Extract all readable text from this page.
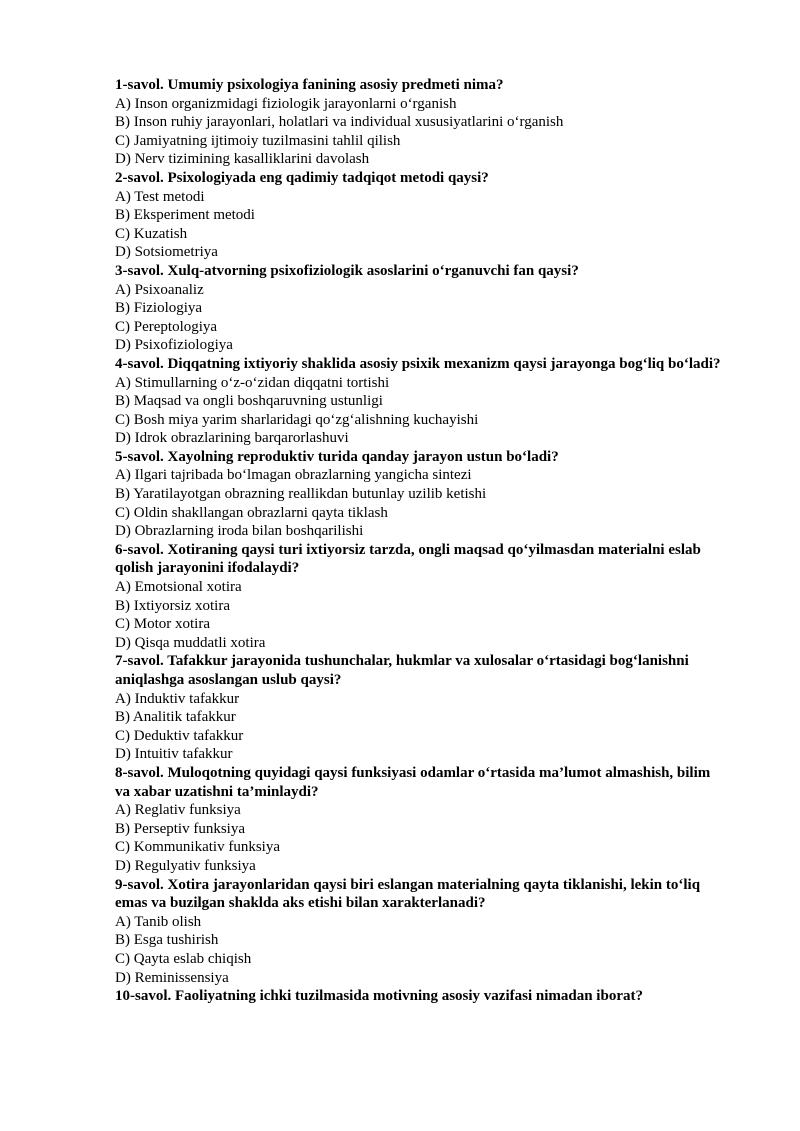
1-savol. Umumiy psixologiya fanining asosiy predmeti nima?

A) Inson organizmidagi fiziologik jarayonlarni o‘rganish

B) Inson ruhiy jarayonlari, holatlari va individual xususiyatlarini o‘rganish

C) Jamiyatning ijtimoiy tuzilmasini tahlil qilish

D) Nerv tizimining kasalliklarini davolash

2-savol. Psixologiyada eng qadimiy tadqiqot metodi qaysi?

A) Test metodi

B) Eksperiment metodi

C) Kuzatish

D) Sotsiometriya

3-savol. Xulq-atvorning psixofiziologik asoslarini o‘rganuvchi fan qaysi?

A) Psixoanaliz

B) Fiziologiya

C) Pereptologiya

D) Psixofiziologiya

4-savol. Diqqatning ixtiyoriy shaklida asosiy psixik mexanizm qaysi jarayonga bog‘liq bo‘ladi?

A) Stimullarning o‘z-o‘zidan diqqatni tortishi

B) Maqsad va ongli boshqaruvning ustunligi

C) Bosh miya yarim sharlaridagi qo‘zg‘alishning kuchayishi

D) Idrok obrazlarining barqarorlashuvi

5-savol. Xayolning reproduktiv turida qanday jarayon ustun bo‘ladi?

A) Ilgari tajribada bo‘lmagan obrazlarning yangicha sintezi

B) Yaratilayotgan obrazning reallikdan butunlay uzilib ketishi

C) Oldin shakllangan obrazlarni qayta tiklash

D) Obrazlarning iroda bilan boshqarilishi

6-savol. Xotiraning qaysi turi ixtiyorsiz tarzda, ongli maqsad qo‘yilmasdan materialni eslab qolish jarayonini ifodalaydi?

A) Emotsional xotira

B) Ixtiyorsiz xotira

C) Motor xotira

D) Qisqa muddatli xotira

7-savol. Tafakkur jarayonida tushunchalar, hukmlar va xulosalar o‘rtasidagi bog‘lanishni aniqlashga asoslangan uslub qaysi?

A) Induktiv tafakkur

B) Analitik tafakkur

C) Deduktiv tafakkur

D) Intuitiv tafakkur

8-savol. Muloqotning quyidagi qaysi funksiyasi odamlar o‘rtasida ma’lumot almashish, bilim va xabar uzatishni ta’minlaydi?

A) Reglativ funksiya

B) Perseptiv funksiya

C) Kommunikativ funksiya

D) Regulyativ funksiya

9-savol. Xotira jarayonlaridan qaysi biri eslangan materialning qayta tiklanishi, lekin to‘liq emas va buzilgan shaklda aks etishi bilan xarakterlanadi?

A) Tanib olish

B) Esga tushirish

C) Qayta eslab chiqish

D) Reminissensiya

10-savol. Faoliyatning ichki tuzilmasida motivning asosiy vazifasi nimadan iborat?
